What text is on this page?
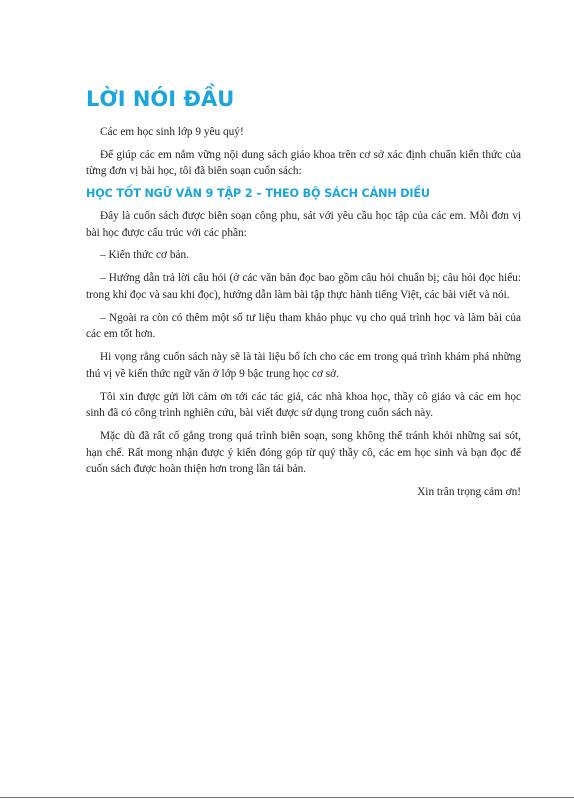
LỜI NÓI ĐẦU

Các em học sinh lớp 9 yêu quý!

Để giúp các em nắm vững nội dung sách giáo khoa trên cơ sở xác định chuẩn kiến thức của từng đơn vị bài học, tôi đã biên soạn cuốn sách:

HỌC TỐT NGỮ VĂN 9 TẬP 2 – THEO BỘ SÁCH CÁNH DIỀU

Đây là cuốn sách được biên soạn công phu, sát với yêu cầu học tập của các em. Mỗi đơn vị bài học được cấu trúc với các phần:

– Kiến thức cơ bản.

– Hướng dẫn trả lời câu hỏi (ở các văn bản đọc bao gồm câu hỏi chuẩn bị; câu hỏi đọc hiểu: trong khi đọc và sau khi đọc), hướng dẫn làm bài tập thực hành tiếng Việt, các bài viết và nói.

– Ngoài ra còn có thêm một số tư liệu tham khảo phục vụ cho quá trình học và làm bài của các em tốt hơn.

Hi vọng rằng cuốn sách này sẽ là tài liệu bổ ích cho các em trong quá trình khám phá những thú vị về kiến thức ngữ văn ở lớp 9 bậc trung học cơ sở.

Tôi xin được gửi lời cảm ơn tới các tác giả, các nhà khoa học, thầy cô giáo và các em học sinh đã có công trình nghiên cứu, bài viết được sử dụng trong cuốn sách này.

Mặc dù đã rất cố gắng trong quá trình biên soạn, song không thể tránh khỏi những sai sót, hạn chế. Rất mong nhận được ý kiến đóng góp từ quý thầy cô, các em học sinh và bạn đọc để cuốn sách được hoàn thiện hơn trong lần tái bản.

Xin trân trọng cảm ơn!
